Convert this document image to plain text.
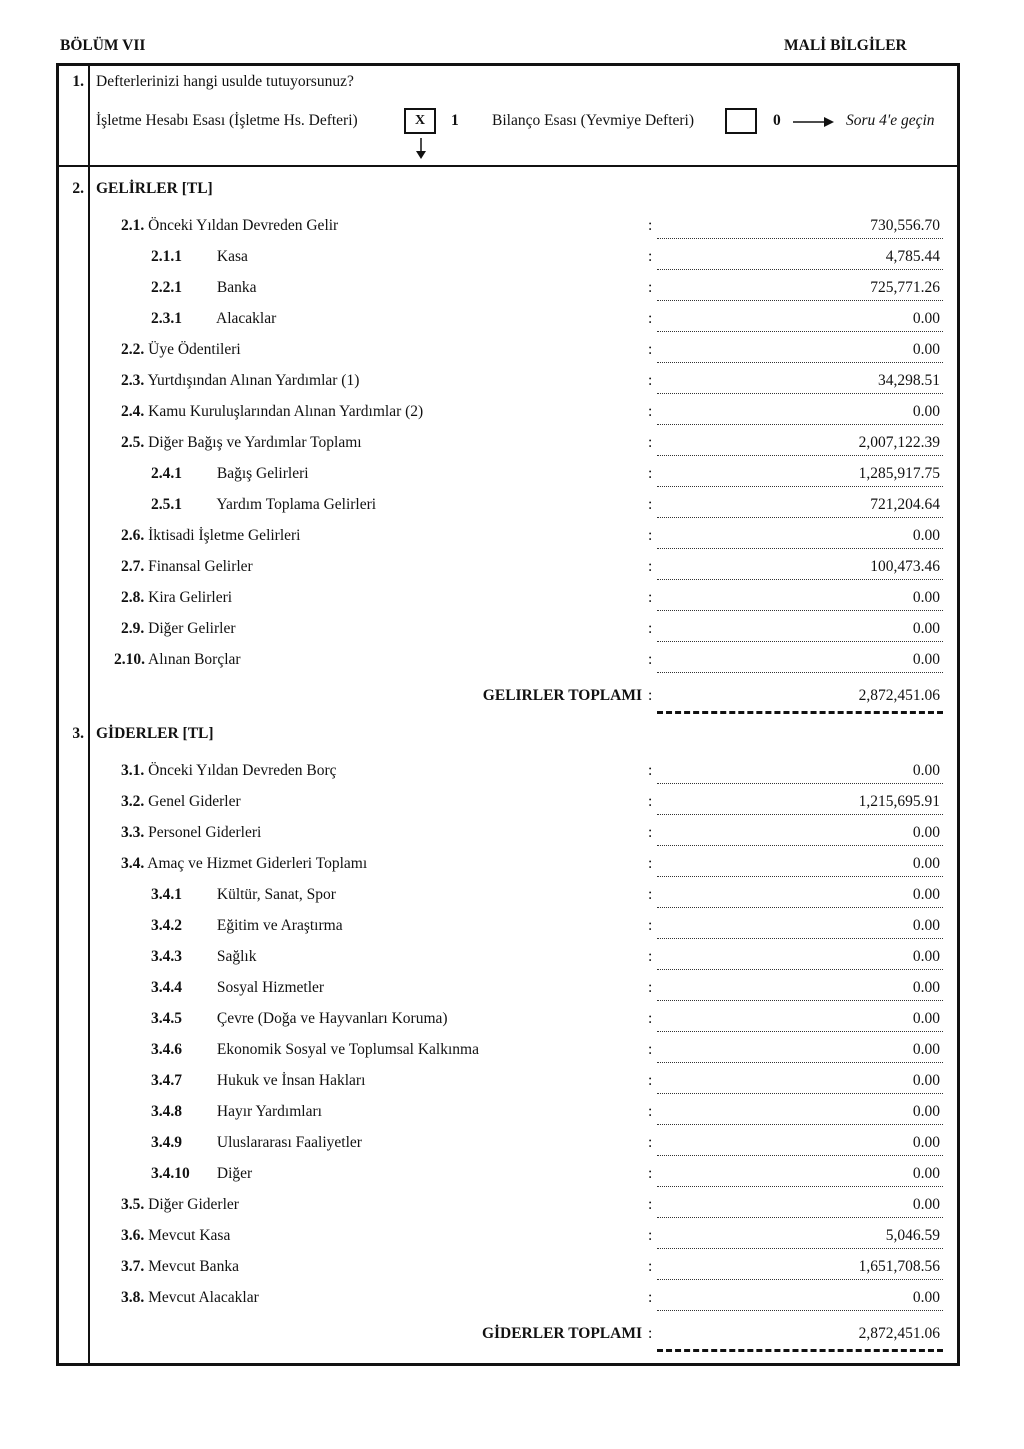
BÖLÜM VII	MALİ BİLGİLER
1. Defterlerinizi hangi usulde tutuyorsunuz?
İşletme Hesabı Esası (İşletme Hs. Defteri)	X	1 Bilanço Esası (Yevmiye Defteri)	0	Soru 4'e geçin
2. GELİRLER [TL]
2.1. Önceki Yıldan Devreden Gelir	:	730,556.70
2.1.1 Kasa	:	4,785.44
2.2.1 Banka	:	725,771.26
2.3.1 Alacaklar	:	0.00
2.2. Üye Ödentileri	:	0.00
2.3. Yurtdışından Alınan Yardımlar (1)	:	34,298.51
2.4. Kamu Kuruluşlarından Alınan Yardımlar (2)	:	0.00
2.5. Diğer Bağış ve Yardımlar Toplamı	:	2,007,122.39
2.4.1 Bağış Gelirleri	:	1,285,917.75
2.5.1 Yardım Toplama Gelirleri	:	721,204.64
2.6. İktisadi İşletme Gelirleri	:	0.00
2.7. Finansal Gelirler	:	100,473.46
2.8. Kira Gelirleri	:	0.00
2.9. Diğer Gelirler	:	0.00
2.10. Alınan Borçlar	:	0.00
GELIRLER TOPLAMI :	2,872,451.06
3. GİDERLER [TL]
3.1. Önceki Yıldan Devreden Borç	:	0.00
3.2. Genel Giderler	:	1,215,695.91
3.3. Personel Giderleri	:	0.00
3.4. Amaç ve Hizmet Giderleri Toplamı	:	0.00
3.4.1 Kültür, Sanat, Spor	:	0.00
3.4.2 Eğitim ve Araştırma	:	0.00
3.4.3 Sağlık	:	0.00
3.4.4 Sosyal Hizmetler	:	0.00
3.4.5 Çevre (Doğa ve Hayvanları Koruma)	:	0.00
3.4.6 Ekonomik Sosyal ve Toplumsal Kalkınma	:	0.00
3.4.7 Hukuk ve İnsan Hakları	:	0.00
3.4.8 Hayır Yardımları	:	0.00
3.4.9 Uluslararası Faaliyetler	:	0.00
3.4.10 Diğer	:	0.00
3.5. Diğer Giderler	:	0.00
3.6. Mevcut Kasa	:	5,046.59
3.7. Mevcut Banka	:	1,651,708.56
3.8. Mevcut Alacaklar	:	0.00
GİDERLER TOPLAMI :	2,872,451.06
